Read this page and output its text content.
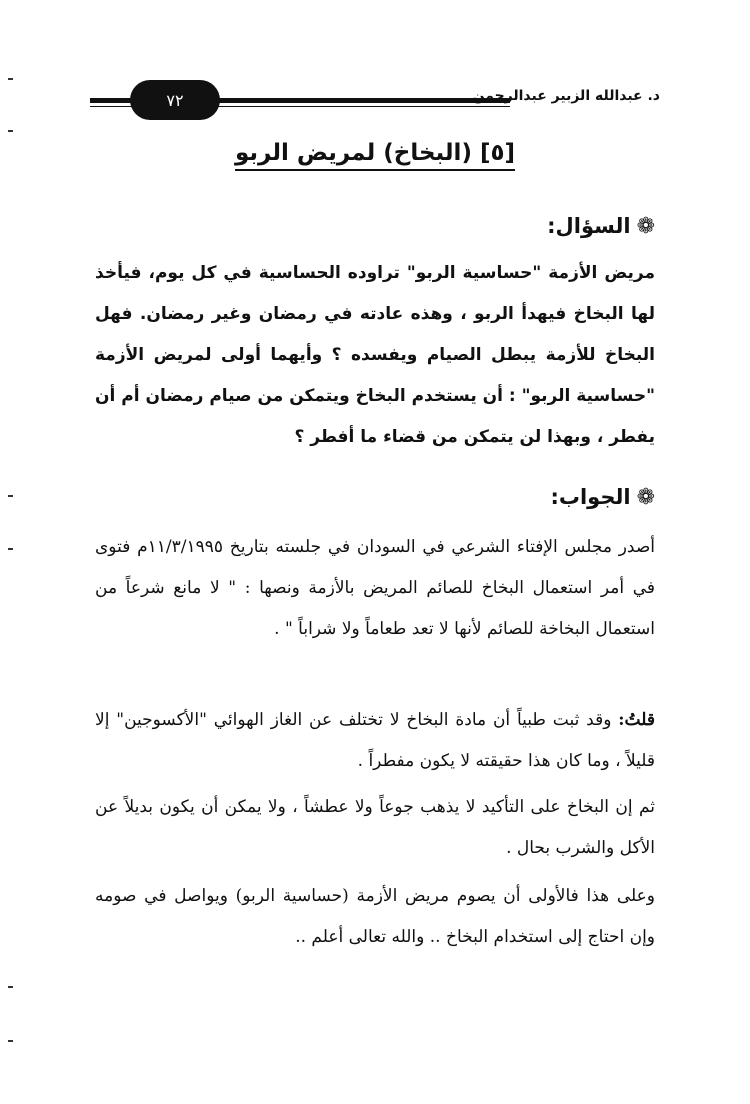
٧٢	د. عبدالله الزبير عبدالرحمن
[٥] (البخاخ) لمريض الربو
❁السؤال:
مريض الأزمة "حساسية الربو" تراوده الحساسية في كل يوم، فيأخذ لها البخاخ فيهدأ الربو ، وهذه عادته في رمضان وغير رمضان. فهل البخاخ للأزمة يبطل الصيام ويفسده ؟ وأيهما أولى لمريض الأزمة "حساسية الربو" : أن يستخدم البخاخ ويتمكن من صيام رمضان أم أن يفطر ، وبهذا لن يتمكن من قضاء ما أفطر ؟
❁الجواب:
أصدر مجلس الإفتاء الشرعي في السودان في جلسته بتاريخ ١١/٣/١٩٩٥م فتوى في أمر استعمال البخاخ للصائم المريض بالأزمة ونصها : " لا مانع شرعاً من استعمال البخاخة للصائم لأنها لا تعد طعاماً ولا شراباً " .
قلتُ: وقد ثبت طبياً أن مادة البخاخ لا تختلف عن الغاز الهوائي "الأكسوجين" إلا قليلاً ، وما كان هذا حقيقته لا يكون مفطراً .
ثم إن البخاخ على التأكيد لا يذهب جوعاً ولا عطشاً ، ولا يمكن أن يكون بديلاً عن الأكل والشرب بحال .
وعلى هذا فالأولى أن يصوم مريض الأزمة (حساسية الربو) ويواصل في صومه وإن احتاج إلى استخدام البخاخ .. والله تعالى أعلم ..
